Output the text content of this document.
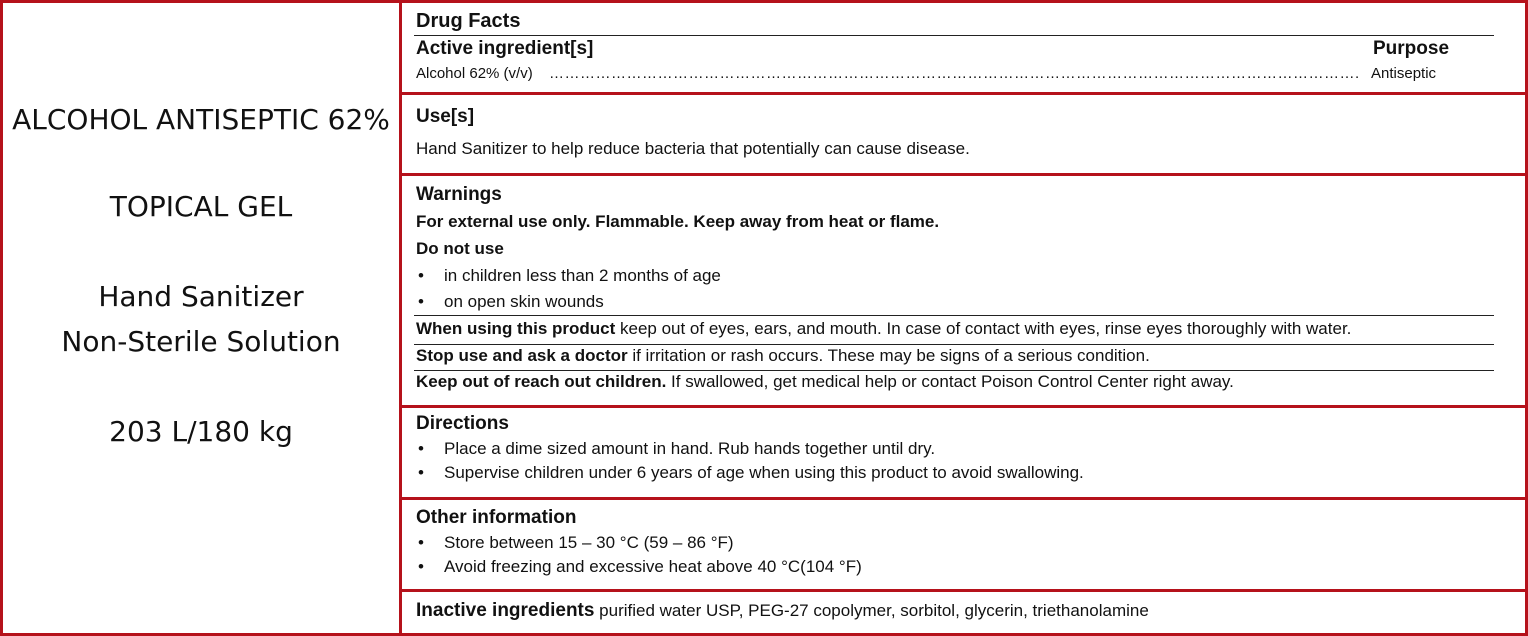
ALCOHOL ANTISEPTIC 62%
TOPICAL GEL
Hand Sanitizer
Non-Sterile Solution
203 L/180 kg
Drug Facts
Active ingredient[s]	Purpose
Alcohol 62% (v/v) …………………………………………………………………………………………………………………………………………. Antiseptic
Use[s]
Hand Sanitizer to help reduce bacteria that potentially can cause disease.
Warnings
For external use only. Flammable. Keep away from heat or flame.
Do not use
• in children less than 2 months of age
• on open skin wounds
When using this product keep out of eyes, ears, and mouth. In case of contact with eyes, rinse eyes thoroughly with water.
Stop use and ask a doctor if irritation or rash occurs. These may be signs of a serious condition.
Keep out of reach out children. If swallowed, get medical help or contact Poison Control Center right away.
Directions
• Place a dime sized amount in hand. Rub hands together until dry.
• Supervise children under 6 years of age when using this product to avoid swallowing.
Other information
• Store between 15 – 30 °C (59 – 86 °F)
• Avoid freezing and excessive heat above 40 °C(104 °F)
Inactive ingredients purified water USP, PEG-27 copolymer, sorbitol, glycerin, triethanolamine
